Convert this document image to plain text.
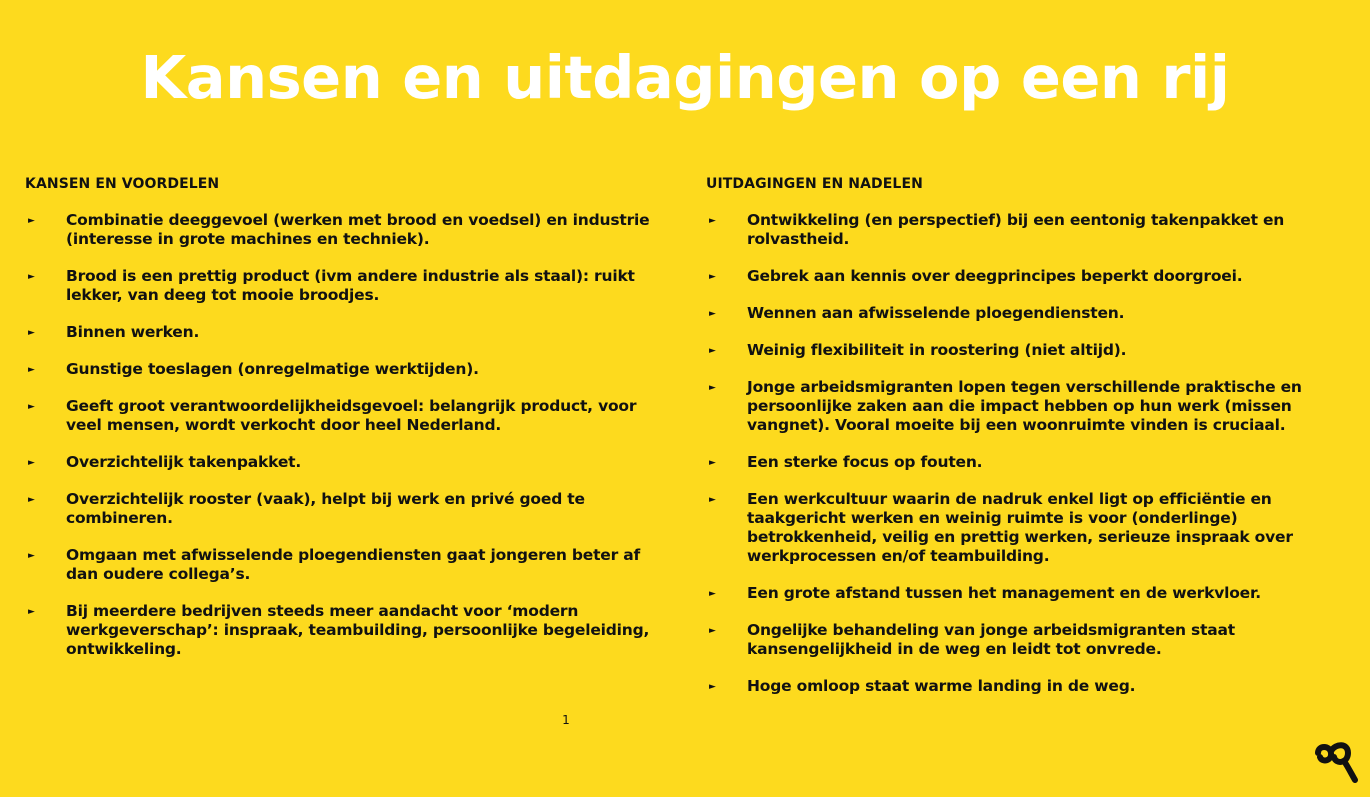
Kansen en uitdagingen op een rij
KANSEN EN VOORDELEN
► Combinatie deeggevoel (werken met brood en voedsel) en industrie (interesse in grote machines en techniek).
► Brood is een prettig product (ivm andere industrie als staal): ruikt lekker, van deeg tot mooie broodjes.
► Binnen werken.
► Gunstige toeslagen (onregelmatige werktijden).
► Geeft groot verantwoordelijkheidsgevoel: belangrijk product, voor veel mensen, wordt verkocht door heel Nederland.
► Overzichtelijk takenpakket.
► Overzichtelijk rooster (vaak), helpt bij werk en privé goed te combineren.
► Omgaan met afwisselende ploegendiensten gaat jongeren beter af dan oudere collega’s.
► Bij meerdere bedrijven steeds meer aandacht voor ‘modern werkgeverschap’: inspraak, teambuilding, persoonlijke begeleiding, ontwikkeling.
UITDAGINGEN EN NADELEN
► Ontwikkeling (en perspectief) bij een eentonig takenpakket en rolvastheid.
► Gebrek aan kennis over deegprincipes beperkt doorgroei.
► Wennen aan afwisselende ploegendiensten.
► Weinig flexibiliteit in roostering (niet altijd).
► Jonge arbeidsmigranten lopen tegen verschillende praktische en persoonlijke zaken aan die impact hebben op hun werk (missen vangnet). Vooral moeite bij een woonruimte vinden is cruciaal.
► Een sterke focus op fouten.
► Een werkcultuur waarin de nadruk enkel ligt op efficiëntie en taakgericht werken en weinig ruimte is voor (onderlinge) betrokkenheid, veilig en prettig werken, serieuze inspraak over werkprocessen en/of teambuilding.
► Een grote afstand tussen het management en de werkvloer.
► Ongelijke behandeling van jonge arbeidsmigranten staat kansengelijkheid in de weg en leidt tot onvrede.
► Hoge omloop staat warme landing in de weg.
1
